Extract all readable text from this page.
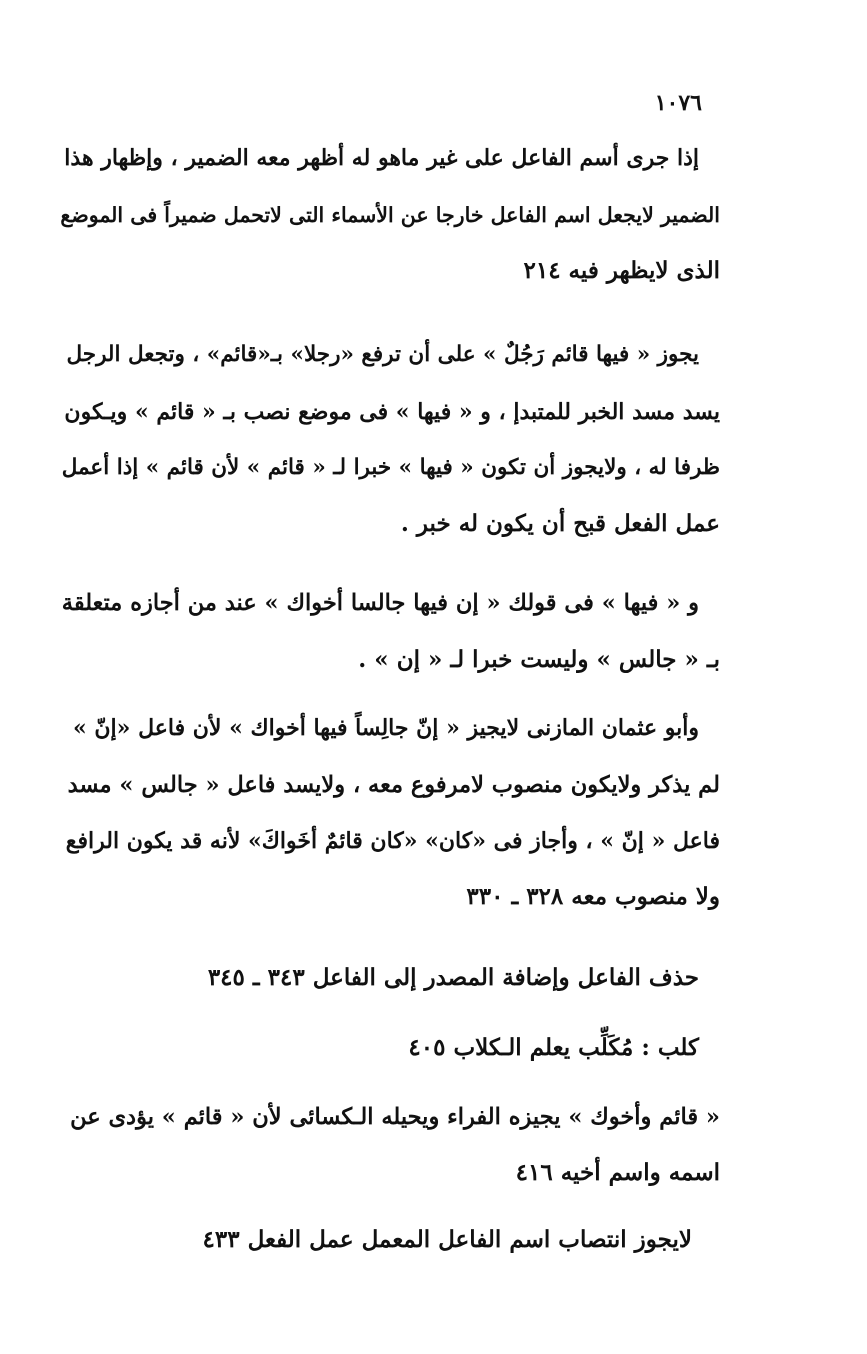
١٠٧٦
إذا جرى أسم الفاعل على غير ماهو له أظهر معه الضمير ، وإظهار هذا
الضمير لايجعل اسم الفاعل خارجا عن الأسماء التى لاتحمل ضميراً فى الموضع
الذى لايظهر فيه ٢١٤
يجوز « فيها قائم رَجُلٌ » على أن ترفع «رجلا» بـ«قائم» ، وتجعل الرجل
يسد مسد الخبر للمتبدإ ، و « فيها » فى موضع نصب بـ « قائم » ويـكون
ظرفا له ، ولايجوز أن تكون « فيها » خبرا لـ « قائم » لأن قائم » إذا أعمل
عمل الفعل قبح أن يكون له خبر .
و « فيها » فى قولك « إن فيها جالسا أخواك » عند من أجازه متعلقة
بـ « جالس » وليست خبرا لـ « إن » .
وأبو عثمان المازنى لايجيز « إنّ جالِساً فيها أخواك » لأن فاعل «إنّ »
لم يذكر ولايكون منصوب لامرفوع معه ، ولايسد فاعل « جالس » مسد
فاعل « إنّ » ، وأجاز فى «كان» «كان قائمٌ أخَواكَ» لأنه قد يكون الرافع
ولا منصوب معه ٣٢٨ ـ ٣٣٠
حذف الفاعل وإضافة المصدر إلى الفاعل ٣٤٣ ـ ٣٤٥
كلب : مُكَلِّب يعلم الـكلاب ٤٠٥
« قائم وأخوك » يجيزه الفراء ويحيله الـكسائى لأن « قائم » يؤدى عن
اسمه واسم أخيه ٤١٦
لايجوز انتصاب اسم الفاعل المعمل عمل الفعل ٤٣٣
